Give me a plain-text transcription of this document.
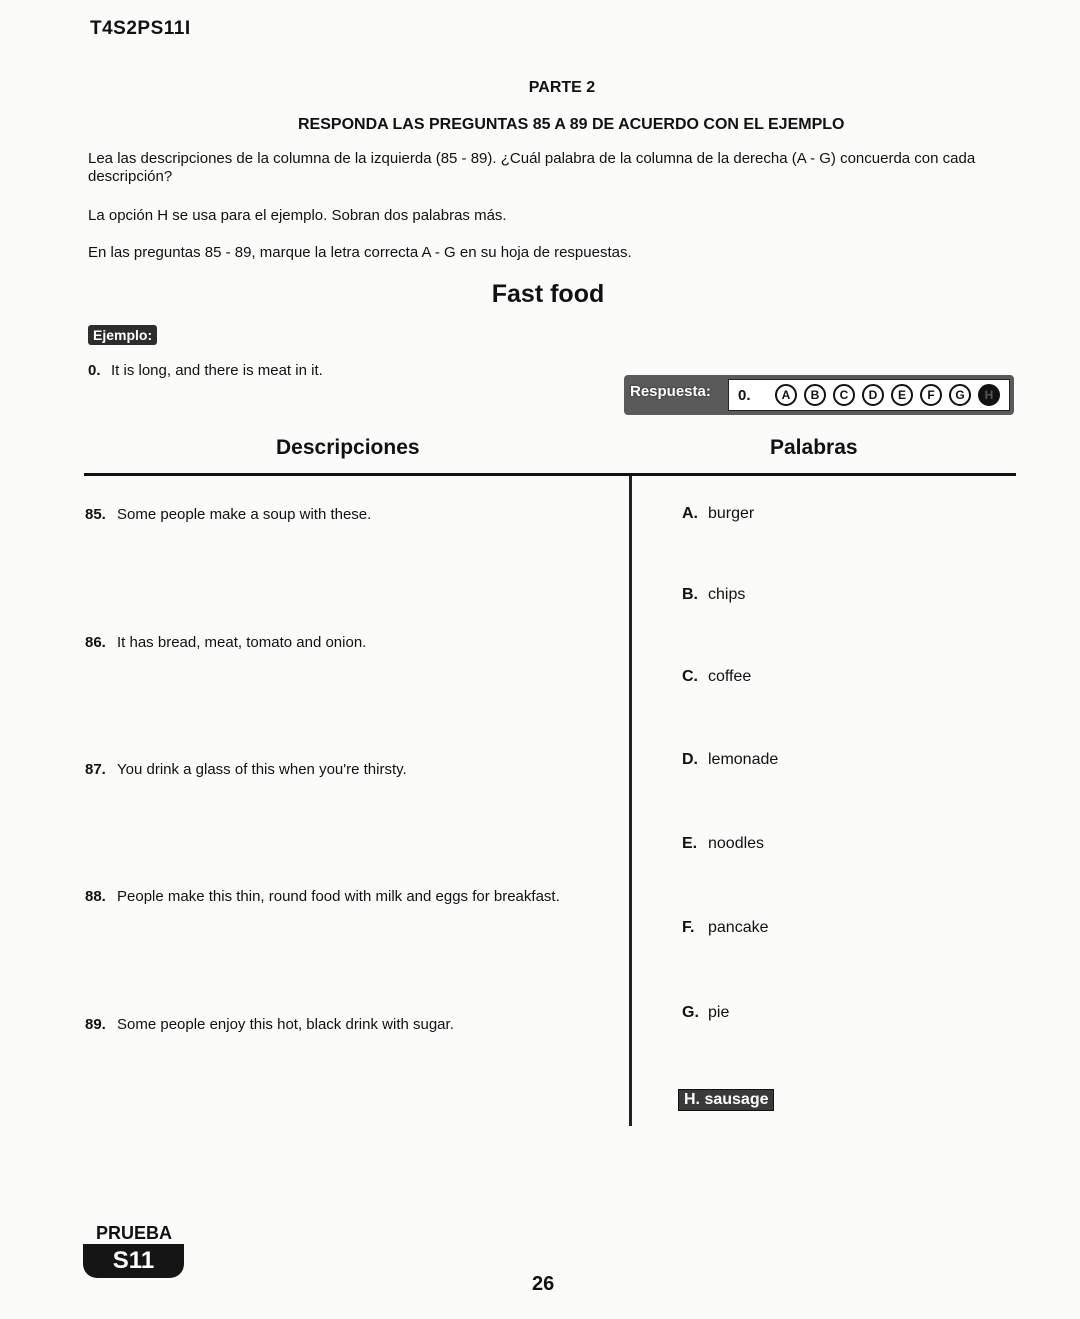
T4S2PS11I
PARTE 2
RESPONDA LAS PREGUNTAS 85 A 89 DE ACUERDO CON EL EJEMPLO
Lea las descripciones de la columna de la izquierda (85 - 89). ¿Cuál palabra de la columna de la derecha (A - G) concuerda con cada descripción?
La opción H se usa para el ejemplo. Sobran dos palabras más.
En las preguntas 85 - 89, marque la letra correcta A - G en su hoja de respuestas.
Fast food
Ejemplo:
0. It is long, and there is meat in it.
Respuesta: 0.	A	B	C	D	E	F	G	H
Descripciones	Palabras
85. Some people make a soup with these.
86. It has bread, meat, tomato and onion.
87. You drink a glass of this when you're thirsty.
88. People make this thin, round food with milk and eggs for breakfast.
89. Some people enjoy this hot, black drink with sugar.
A. burger
B. chips
C. coffee
D. lemonade
E. noodles
F. pancake
G. pie
H. sausage
PRUEBA
S11
26
